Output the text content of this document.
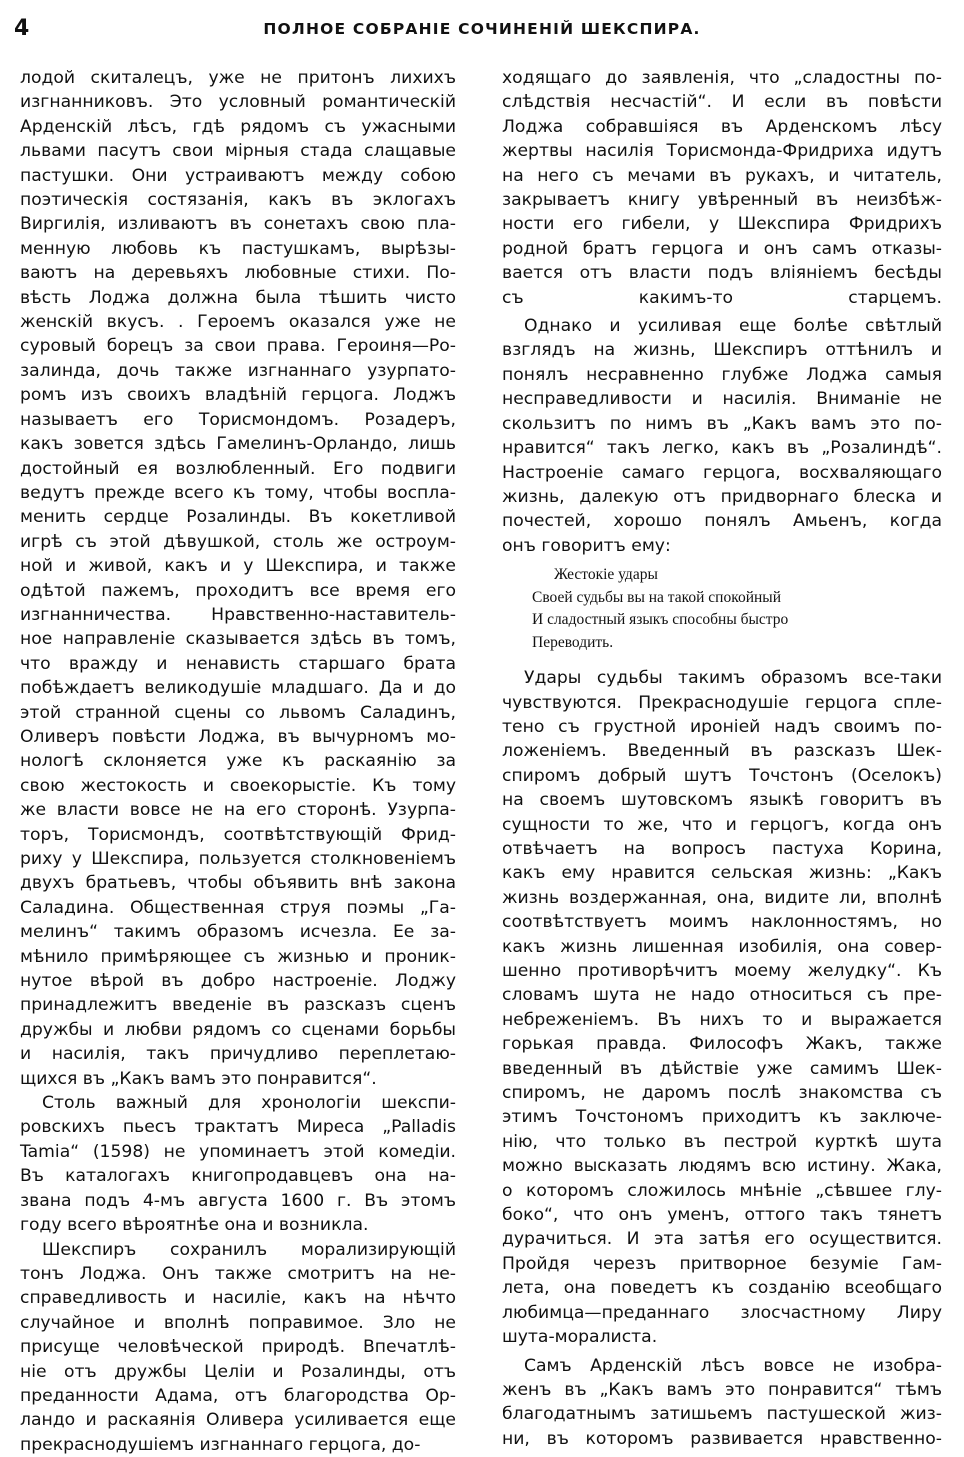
4	ПОЛНОЕ СОБРАНІЕ СОЧИНЕНІЙ ШЕКСПИРА.

лодой скиталецъ, уже не притонъ лихихъ
изгнанниковъ. Это условный романтическій
Арденскій лѣсъ, гдѣ рядомъ съ ужасными
львами пасутъ свои мірныя стада слащавые
пастушки. Они устраиваютъ между собою
поэтическія состязанія, какъ въ эклогахъ
Виргилія, изливаютъ въ сонетахъ свою пла-
менную любовь къ пастушкамъ, вырѣзы-
ваютъ на деревьяхъ любовные стихи. По-
вѣсть Лоджа должна была тѣшить чисто
женскій вкусъ. . Героемъ оказался уже не
суровый борецъ за свои права. Героиня—Ро-
залинда, дочь также изгнаннаго узурпато-
ромъ изъ своихъ владѣній герцога. Лоджъ
называетъ его Торисмондомъ. Розадеръ,
какъ зовется здѣсь Гамелинъ-Орландо, лишь
достойный ея возлюбленный. Его подвиги
ведутъ прежде всего къ тому, чтобы воспла-
менить сердце Розалинды. Въ кокетливой
игрѣ съ этой дѣвушкой, столь же остроум-
ной и живой, какъ и у Шекспира, и также
одѣтой пажемъ, проходитъ все время его
изгнанничества. Нравственно-наставитель-
ное направленіе сказывается здѣсь въ томъ,
что вражду и ненависть старшаго брата
побѣждаетъ великодушіе младшаго. Да и до
этой странной сцены со львомъ Саладинъ,
Оливеръ повѣсти Лоджа, въ вычурномъ мо-
нологѣ склоняется уже къ раскаянію за
свою жестокость и своекорыстіе. Къ тому
же власти вовсе не на его сторонѣ. Узурпа-
торъ, Торисмондъ, соотвѣтствующій Фрид-
риху у Шекспира, пользуется столкновеніемъ
двухъ братьевъ, чтобы объявить внѣ закона
Саладина. Общественная струя поэмы „Га-
мелинъ“ такимъ образомъ исчезла. Ее за-
мѣнило примѣряющее съ жизнью и проник-
нутое вѣрой въ добро настроеніе. Лоджу
принадлежитъ введеніе въ разсказъ сценъ
дружбы и любви рядомъ со сценами борьбы
и насилія, такъ причудливо переплетаю-
щихся въ „Какъ вамъ это понравится“.

Столь важный для хронологіи шекспи-
ровскихъ пьесъ трактатъ Миреса „Palladis
Tamia“ (1598) не упоминаетъ этой комедіи.
Въ каталогахъ книгопродавцевъ она на-
звана подъ 4-мъ августа 1600 г. Въ этомъ
году всего вѣроятнѣе она и возникла.

Шекспиръ сохранилъ морализирующій
тонъ Лоджа. Онъ также смотритъ на не-
справедливость и насиліе, какъ на нѣчто
случайное и вполнѣ поправимое. Зло не
присуще человѣческой природѣ. Впечатлѣ-
ніе отъ дружбы Целіи и Розалинды, отъ
преданности Адама, отъ благородства Ор-
ландо и раскаянія Оливера усиливается еще
прекраснодушіемъ изгнаннаго герцога, до-

ходящаго до заявленія, что „сладостны по-
слѣдствія несчастій“. И если въ повѣсти
Лоджа собравшіяся въ Арденскомъ лѣсу
жертвы насилія Торисмонда-Фридриха идутъ
на него съ мечами въ рукахъ, и читатель,
закрываетъ книгу увѣренный въ неизбѣж-
ности его гибели, у Шекспира Фридрихъ
родной братъ герцога и онъ самъ отказы-
вается отъ власти подъ вліяніемъ бесѣды
съ какимъ-то старцемъ.

Однако и усиливая еще болѣе свѣтлый
взглядъ на жизнь, Шекспиръ оттѣнилъ и
понялъ несравненно глубже Лоджа самыя
несправедливости и насилія. Вниманіе не
скользитъ по нимъ въ „Какъ вамъ это по-
нравится“ такъ легко, какъ въ „Розалиндѣ“.
Настроеніе самаго герцога, восхваляющаго
жизнь, далекую отъ придворнаго блеска и
почестей, хорошо понялъ Амьенъ, когда
онъ говоритъ ему:

Жестокіе удары
Своей судьбы вы на такой спокойный
И сладостный языкъ способны быстро
Переводить.

Удары судьбы такимъ образомъ все-таки
чувствуются. Прекраснодушіе герцога спле-
тено съ грустной ироніей надъ своимъ по-
ложеніемъ. Введенный въ разсказъ Шек-
спиромъ добрый шутъ Точстонъ (Оселокъ)
на своемъ шутовскомъ языкѣ говоритъ въ
сущности то же, что и герцогъ, когда онъ
отвѣчаетъ на вопросъ пастуха Корина,
какъ ему нравится сельская жизнь: „Какъ
жизнь воздержанная, она, видите ли, вполнѣ
соотвѣтствуетъ моимъ наклонностямъ, но
какъ жизнь лишенная изобилія, она совер-
шенно противорѣчитъ моему желудку“. Къ
словамъ шута не надо относиться съ пре-
небреженіемъ. Въ нихъ то и выражается
горькая правда. Философъ Жакъ, также
введенный въ дѣйствіе уже самимъ Шек-
спиромъ, не даромъ послѣ знакомства съ
этимъ Точстономъ приходитъ къ заключе-
нію, что только въ пестрой курткѣ шута
можно высказать людямъ всю истину. Жака,
о которомъ сложилось мнѣніе „сѣвшее глу-
боко“, что онъ уменъ, оттого такъ тянетъ
дурачиться. И эта затѣя его осуществится.
Пройдя черезъ притворное безуміе Гам-
лета, она поведетъ къ созданію всеобщаго
любимца—преданнаго злосчастному Лиру
шута-моралиста.

Самъ Арденскій лѣсъ вовсе не изобра-
женъ въ „Какъ вамъ это понравится“ тѣмъ
благодатнымъ затишьемъ пастушеской жиз-
ни, въ которомъ развивается нравственно-
